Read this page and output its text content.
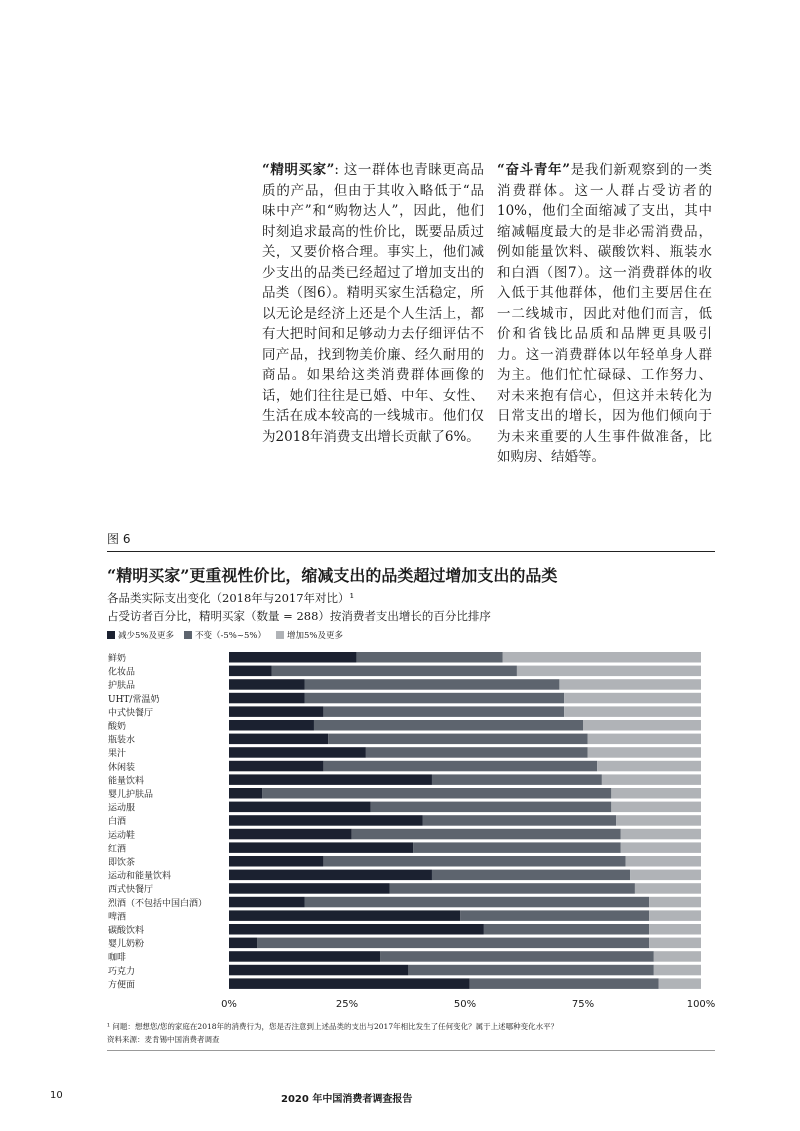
“精明买家”: 这一群体也青睐更高品质的产品，但由于其收入略低于“品味中产”和“购物达人”，因此，他们时刻追求最高的性价比，既要品质过关，又要价格合理。事实上，他们减少支出的品类已经超过了增加支出的品类（图6）。精明买家生活稳定，所以无论是经济上还是个人生活上，都有大把时间和足够动力去仔细评估不同产品，找到物美价廉、经久耐用的商品。如果给这类消费群体画像的话，她们往往是已婚、中年、女性、生活在成本较高的一线城市。他们仅为2018年消费支出增长贡献了6%。
“奋斗青年”是我们新观察到的一类消费群体。这一人群占受访者的10%，他们全面缩减了支出，其中缩减幅度最大的是非必需消费品，例如能量饮料、碳酸饮料、瓶装水和白酒（图7）。这一消费群体的收入低于其他群体，他们主要居住在一二线城市，因此对他们而言，低价和省钱比品质和品牌更具吸引力。这一消费群体以年轻单身人群为主。他们忙忙碌碌、工作努力、对未来抱有信心，但这并未转化为日常支出的增长，因为他们倾向于为未来重要的人生事件做准备，比如购房、结婚等。
图 6
“精明买家”更重视性价比，缩减支出的品类超过增加支出的品类
各品类实际支出变化（2018年与2017年对比）¹
占受访者百分比，精明买家（数量 = 288）按消费者支出增长的百分比排序
减少5%及更多 不变（-5%~5%） 增加5%及更多
鲜奶
化妆品
护肤品
UHT/常温奶
中式快餐厅
酸奶
瓶装水
果汁
休闲装
能量饮料
婴儿护肤品
运动服
白酒
运动鞋
红酒
即饮茶
运动和能量饮料
西式快餐厅
烈酒（不包括中国白酒）
啤酒
碳酸饮料
婴儿奶粉
咖啡
巧克力
方便面
0%	25%	50%	75%	100%
¹ 问题：想想您/您的家庭在2018年的消费行为，您是否注意到上述品类的支出与2017年相比发生了任何变化？属于上述哪种变化水平？
资料来源：麦肯锡中国消费者调查
10	2020 年中国消费者调查报告
